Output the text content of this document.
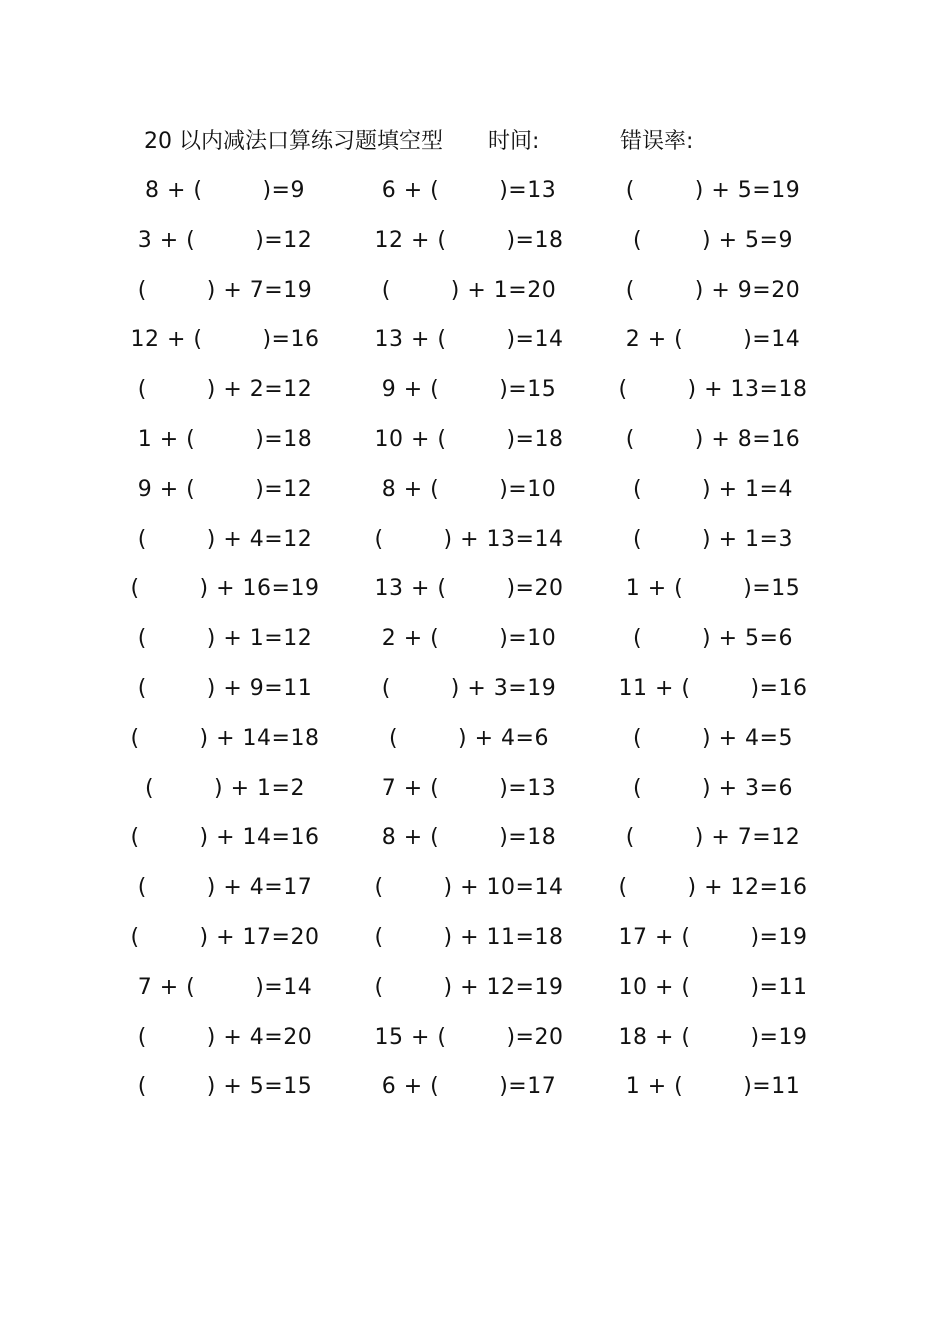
20 以内减法口算练习题填空型 时间:	错误率:
8 + (        )=9	6 + (        )=13	(        ) + 5=19
3 + (        )=12	12 + (        )=18	(        ) + 5=9
(        ) + 7=19	(        ) + 1=20	(        ) + 9=20
12 + (        )=16	13 + (        )=14	2 + (        )=14
(        ) + 2=12	9 + (        )=15	(        ) + 13=18
1 + (        )=18	10 + (        )=18	(        ) + 8=16
9 + (        )=12	8 + (        )=10	(        ) + 1=4
(        ) + 4=12	(        ) + 13=14	(        ) + 1=3
(        ) + 16=19	13 + (        )=20	1 + (        )=15
(        ) + 1=12	2 + (        )=10	(        ) + 5=6
(        ) + 9=11	(        ) + 3=19	11 + (        )=16
(        ) + 14=18	(        ) + 4=6	(        ) + 4=5
(        ) + 1=2	7 + (        )=13	(        ) + 3=6
(        ) + 14=16	8 + (        )=18	(        ) + 7=12
(        ) + 4=17	(        ) + 10=14	(        ) + 12=16
(        ) + 17=20	(        ) + 11=18	17 + (        )=19
7 + (        )=14	(        ) + 12=19	10 + (        )=11
(        ) + 4=20	15 + (        )=20	18 + (        )=19
(        ) + 5=15	6 + (        )=17	1 + (        )=11
